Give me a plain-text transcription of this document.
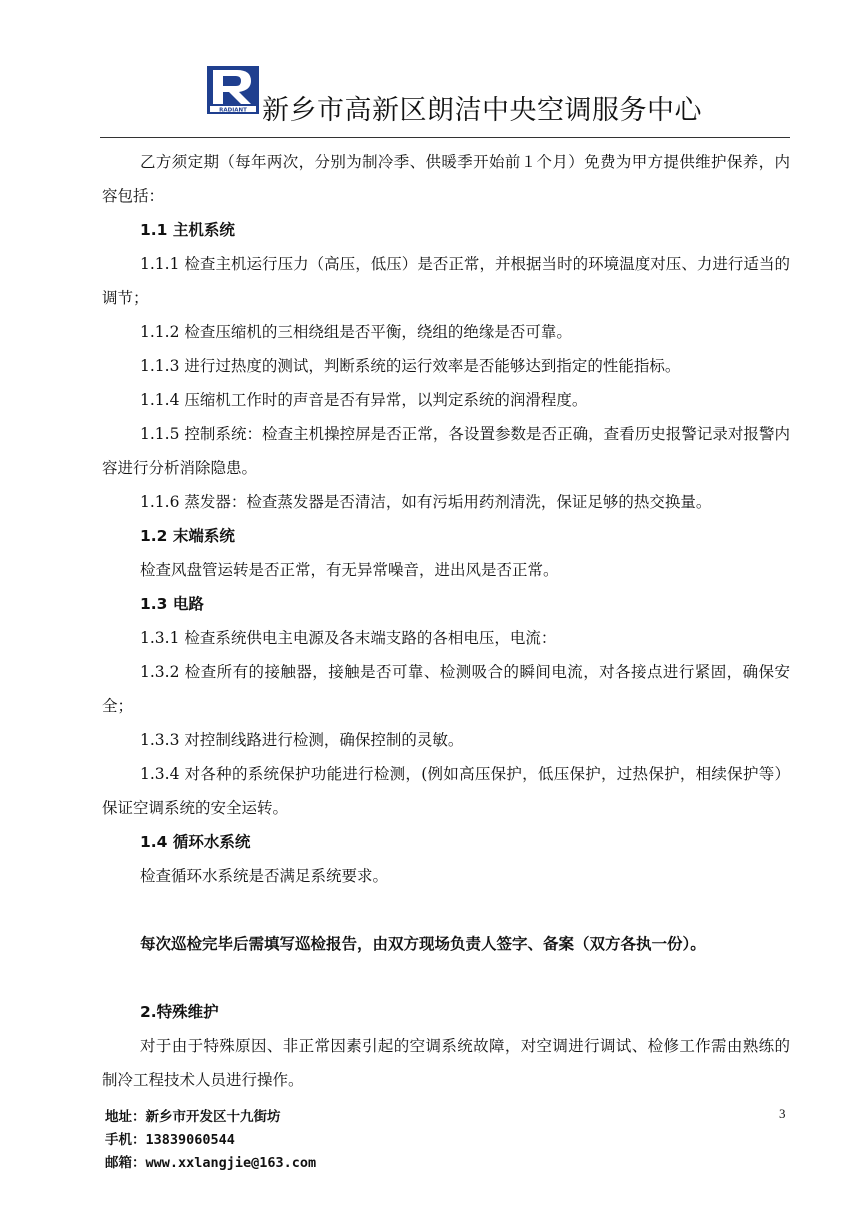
RADIANT 新乡市高新区朗洁中央空调服务中心

乙方须定期（每年两次，分别为制冷季、供暖季开始前１个月）免费为甲方提供维护保养，内容包括：

1.1 主机系统

1.1.1 检查主机运行压力（高压，低压）是否正常，并根据当时的环境温度对压、力进行适当的调节；

1.1.2 检查压缩机的三相绕组是否平衡，绕组的绝缘是否可靠。

1.1.3 进行过热度的测试，判断系统的运行效率是否能够达到指定的性能指标。

1.1.4 压缩机工作时的声音是否有异常，以判定系统的润滑程度。

1.1.5 控制系统：检查主机操控屏是否正常，各设置参数是否正确，查看历史报警记录对报警内容进行分析消除隐患。

1.1.6 蒸发器：检查蒸发器是否清洁，如有污垢用药剂清洗，保证足够的热交换量。

1.2 末端系统

检查风盘管运转是否正常，有无异常噪音，进出风是否正常。

1.3 电路

1.3.1 检查系统供电主电源及各末端支路的各相电压，电流：

1.3.2 检查所有的接触器，接触是否可靠、检测吸合的瞬间电流，对各接点进行紧固，确保安全；

1.3.3 对控制线路进行检测，确保控制的灵敏。

1.3.4 对各种的系统保护功能进行检测，(例如高压保护，低压保护，过热保护，相续保护等）保证空调系统的安全运转。

1.4 循环水系统

检查循环水系统是否满足系统要求。

每次巡检完毕后需填写巡检报告，由双方现场负责人签字、备案（双方各执一份）。

2.特殊维护

对于由于特殊原因、非正常因素引起的空调系统故障，对空调进行调试、检修工作需由熟练的制冷工程技术人员进行操作。

地址：新乡市开发区十九街坊
手机：13839060544
邮箱：www.xxlangjie@163.com
3
